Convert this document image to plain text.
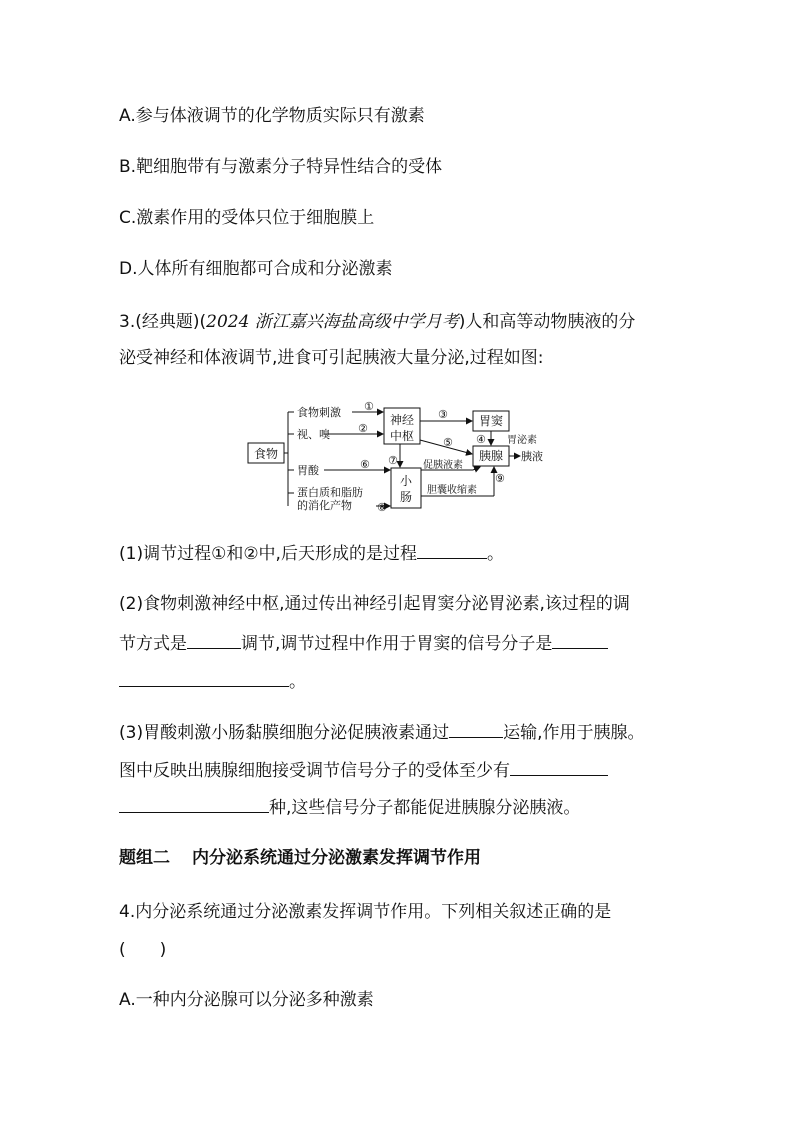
A.参与体液调节的化学物质实际只有激素
B.靶细胞带有与激素分子特异性结合的受体
C.激素作用的受体只位于细胞膜上
D.人体所有细胞都可合成和分泌激素
3.(经典题)(2024 浙江嘉兴海盐高级中学月考)人和高等动物胰液的分
泌受神经和体液调节,进食可引起胰液大量分泌,过程如图:
食物
食物刺激
视、嗅
胃酸
蛋白质和脂肪
的消化产物
神经
中枢
胃窦
胰腺
小
肠
胃泌素
胰液
促胰液素
胆囊收缩素
①
②
③
④
⑤
⑥ ⑦
⑧
⑨
(1)调节过程①和②中,后天形成的是过程	。
(2)食物刺激神经中枢,通过传出神经引起胃窦分泌胃泌素,该过程的调
节方式是	调节,调节过程中作用于胃窦的信号分子是
。
(3)胃酸刺激小肠黏膜细胞分泌促胰液素通过	运输,作用于胰腺。
图中反映出胰腺细胞接受调节信号分子的受体至少有
种,这些信号分子都能促进胰腺分泌胰液。
题组二 内分泌系统通过分泌激素发挥调节作用
4.内分泌系统通过分泌激素发挥调节作用。下列相关叙述正确的是
(　　)
A.一种内分泌腺可以分泌多种激素
